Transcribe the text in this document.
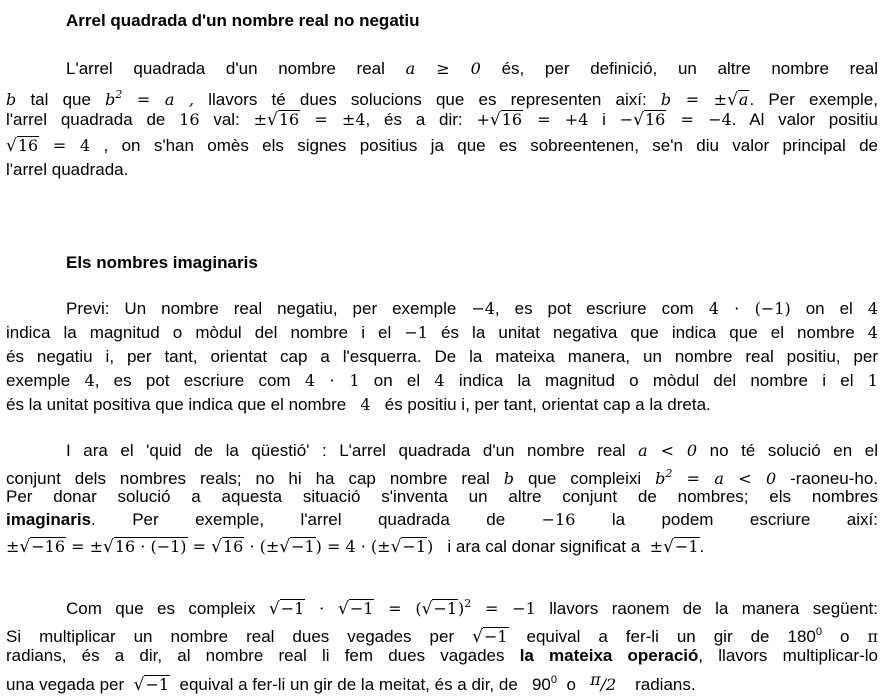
Arrel quadrada d'un nombre real no negatiu
L'arrel quadrada d'un nombre real a ≥ 0 és, per definició, un altre nombre real
b tal que $b^2 = a$ , llavors té dues solucions que es representen així: b = ±√a. Per exemple,
l'arrel quadrada de 16 val: ±√16 = ±4, és a dir: +√16 = +4 i −√16 = −4. Al valor positiu
√16 = 4 , on s'han omès els signes positius ja que es sobreentenen, se'n diu valor principal de
l'arrel quadrada.
Els nombres imaginaris
Previ: Un nombre real negatiu, per exemple −4, es pot escriure com 4 · (−1) on el 4
indica la magnitud o mòdul del nombre i el −1 és la unitat negativa que indica que el nombre 4
és negatiu i, per tant, orientat cap a l'esquerra. De la mateixa manera, un nombre real positiu, per
exemple 4, es pot escriure com 4 · 1 on el 4 indica la magnitud o mòdul del nombre i el 1
és la unitat positiva que indica que el nombre 4 és positiu i, per tant, orientat cap a la dreta.
I ara el 'quid de la qüestió' : L'arrel quadrada d'un nombre real a < 0 no té solució en el
conjunt dels nombres reals; no hi ha cap nombre real b que compleixi $b^2 = a < 0$ -raoneu-ho.
Per donar solució a aquesta situació s'inventa un altre conjunt de nombres; els nombres
imaginaris. Per exemple, l'arrel quadrada de −16 la podem escriure així:
±√−16 = ±√16 · (−1) = √16 · (±√−1) = 4 · (±√−1) i ara cal donar significat a ±√−1.
Com que es compleix $√-1 \cdot √-1 = (√-1)^2 = -1$ llavors raonem de la manera següent:
Si multiplicar un nombre real dues vegades per √−1 equival a fer-li un gir de $180^0$ o π
radians, és a dir, al nombre real li fem dues vagades la mateixa operació, llavors multiplicar-lo
una vegada per √−1 equival a fer-li un gir de la meitat, és a dir, de $90^0$ o π/2 radians.
